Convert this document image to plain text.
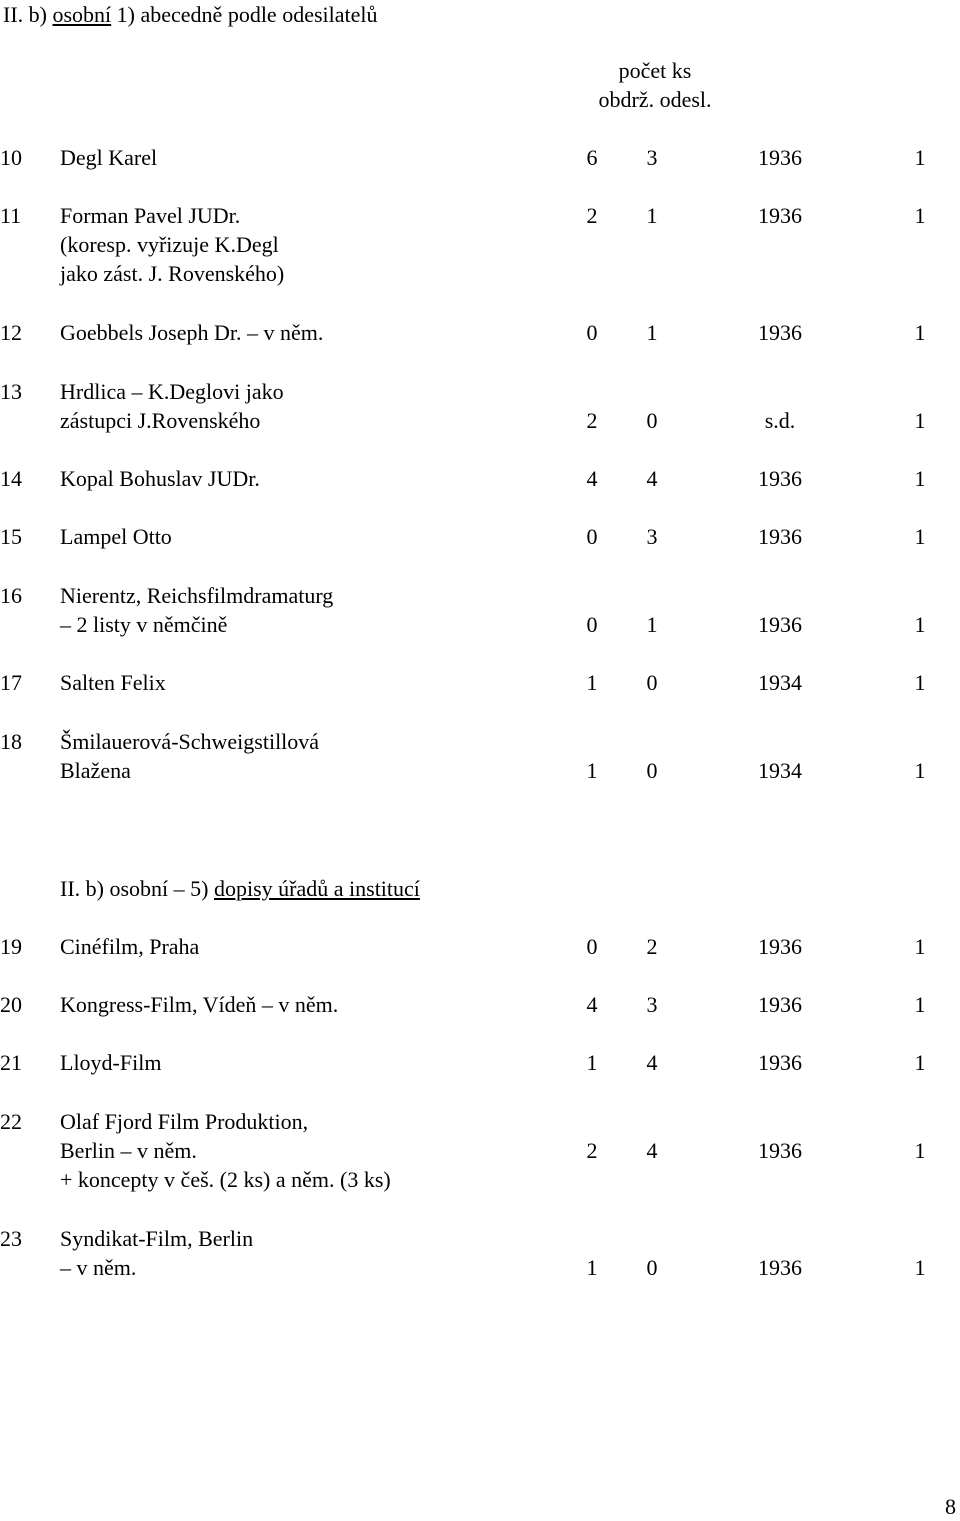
II. b) osobní 1) abecedně podle odesilatelů
počet ks
obdrž. odesl.
10 Degl Karel	6	3	1936	1
11 Forman Pavel JUDr.
(koresp. vyřizuje K.Degl
jako zást. J. Rovenského)
2	1	1936	1
12 Goebbels Joseph Dr. – v něm.	0	1	1936	1
13 Hrdlica – K.Deglovi jako
zástupci J.Rovenského	2	0	s.d.	1
14 Kopal Bohuslav JUDr.	4	4	1936	1
15 Lampel Otto	0	3	1936	1
16 Nierentz, Reichsfilmdramaturg
– 2 listy v němčině	0	1	1936	1
17 Salten Felix	1	0	1934	1
18 Šmilauerová-Schweigstillová
Blažena	1	0	1934	1
II. b) osobní – 5) dopisy úřadů a institucí
19 Cinéfilm, Praha	0	2	1936	1
20 Kongress-Film, Vídeň – v něm.	4	3	1936	1
21 Lloyd-Film	1	4	1936	1
22 Olaf Fjord Film Produktion,
Berlin – v něm.
+ koncepty v češ. (2 ks) a něm. (3 ks)
2	4	1936	1
23 Syndikat-Film, Berlin
– v něm.	1	0	1936	1
8
